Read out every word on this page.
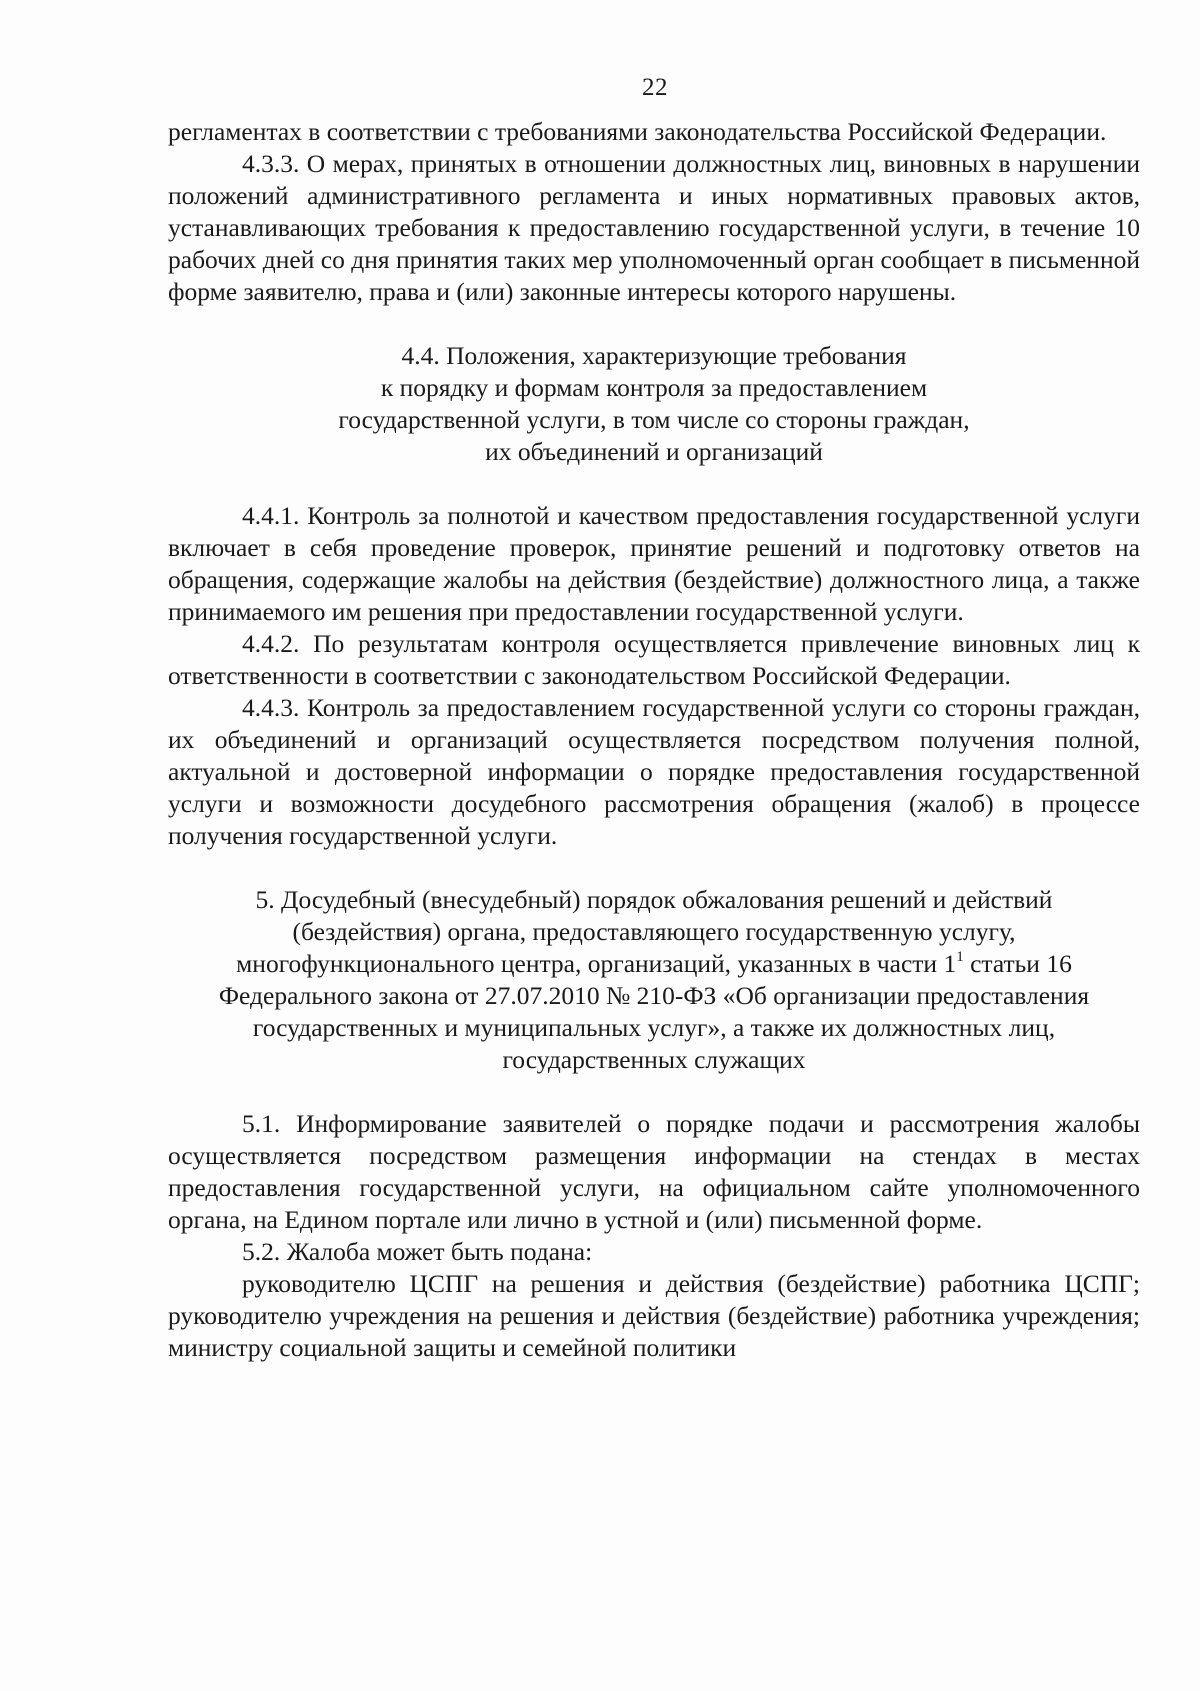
22

регламентах в соответствии с требованиями законодательства Российской Федерации.

4.3.3. О мерах, принятых в отношении должностных лиц, виновных в нарушении положений административного регламента и иных нормативных правовых актов, устанавливающих требования к предоставлению государственной услуги, в течение 10 рабочих дней со дня принятия таких мер уполномоченный орган сообщает в письменной форме заявителю, права и (или) законные интересы которого нарушены.

4.4. Положения, характеризующие требования
к порядку и формам контроля за предоставлением
государственной услуги, в том числе со стороны граждан,
их объединений и организаций

4.4.1. Контроль за полнотой и качеством предоставления государственной услуги включает в себя проведение проверок, принятие решений и подготовку ответов на обращения, содержащие жалобы на действия (бездействие) должностного лица, а также принимаемого им решения при предоставлении государственной услуги.

4.4.2. По результатам контроля осуществляется привлечение виновных лиц к ответственности в соответствии с законодательством Российской Федерации.

4.4.3. Контроль за предоставлением государственной услуги со стороны граждан, их объединений и организаций осуществляется посредством получения полной, актуальной и достоверной информации о порядке предоставления государственной услуги и возможности досудебного рассмотрения обращения (жалоб) в процессе получения государственной услуги.

5. Досудебный (внесудебный) порядок обжалования решений и действий
(бездействия) органа, предоставляющего государственную услугу,
многофункционального центра, организаций, указанных в части $1^1$ статьи 16
Федерального закона от 27.07.2010 № 210-ФЗ «Об организации предоставления
государственных и муниципальных услуг», а также их должностных лиц,
государственных служащих

5.1. Информирование заявителей о порядке подачи и рассмотрения жалобы осуществляется посредством размещения информации на стендах в местах предоставления государственной услуги, на официальном сайте уполномоченного органа, на Едином портале или лично в устной и (или) письменной форме.

5.2. Жалоба может быть подана:

руководителю ЦСПГ на решения и действия (бездействие) работника ЦСПГ; руководителю учреждения на решения и действия (бездействие) работника учреждения; министру социальной защиты и семейной политики
